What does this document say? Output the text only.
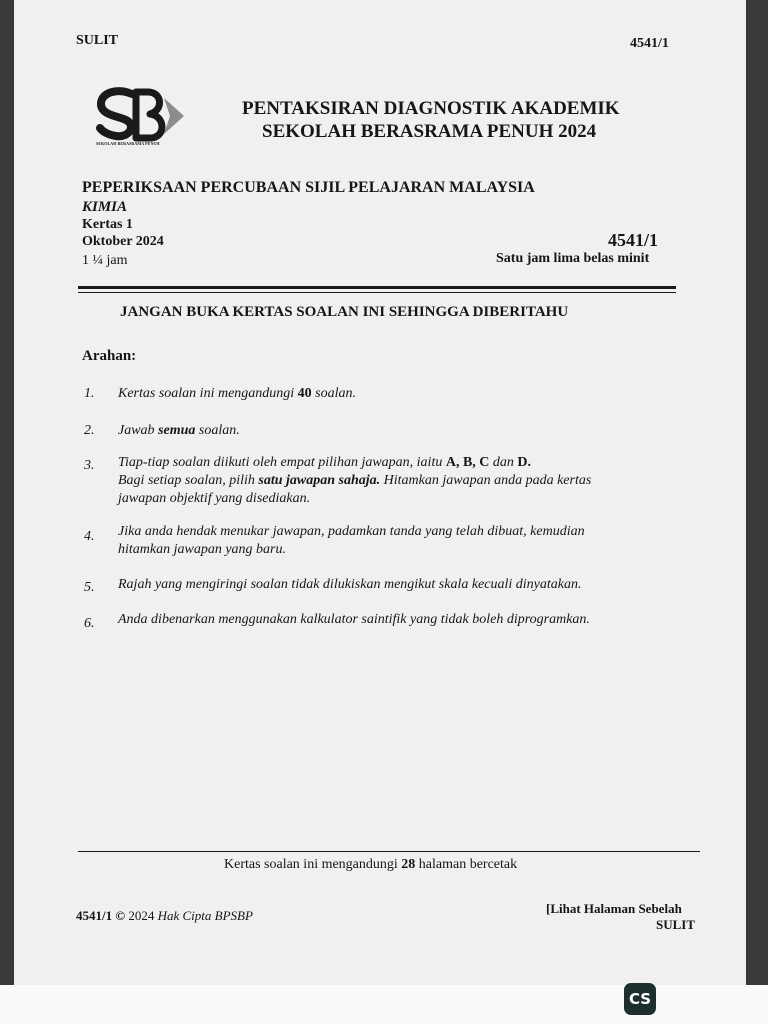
SULIT	4541/1
SEKOLAH BERASRAMA PENUH
PENTAKSIRAN DIAGNOSTIK AKADEMIK
SEKOLAH BERASRAMA PENUH 2024
PEPERIKSAAN PERCUBAAN SIJIL PELAJARAN MALAYSIA
KIMIA
Kertas 1
Oktober 2024
1 ¼ jam
4541/1
Satu jam lima belas minit
JANGAN BUKA KERTAS SOALAN INI SEHINGGA DIBERITAHU
Arahan:
1. Kertas soalan ini mengandungi 40 soalan.
2. Jawab semua soalan.
3. Tiap-tiap soalan diikuti oleh empat pilihan jawapan, iaitu A, B, C dan D.
Bagi setiap soalan, pilih satu jawapan sahaja. Hitamkan jawapan anda pada kertas
jawapan objektif yang disediakan.
4. Jika anda hendak menukar jawapan, padamkan tanda yang telah dibuat, kemudian
hitamkan jawapan yang baru.
5. Rajah yang mengiringi soalan tidak dilukiskan mengikut skala kecuali dinyatakan.
6. Anda dibenarkan menggunakan kalkulator saintifik yang tidak boleh diprogramkan.
Kertas soalan ini mengandungi 28 halaman bercetak
4541/1 © 2024 Hak Cipta BPSBP	[Lihat Halaman Sebelah
SULIT
CS
